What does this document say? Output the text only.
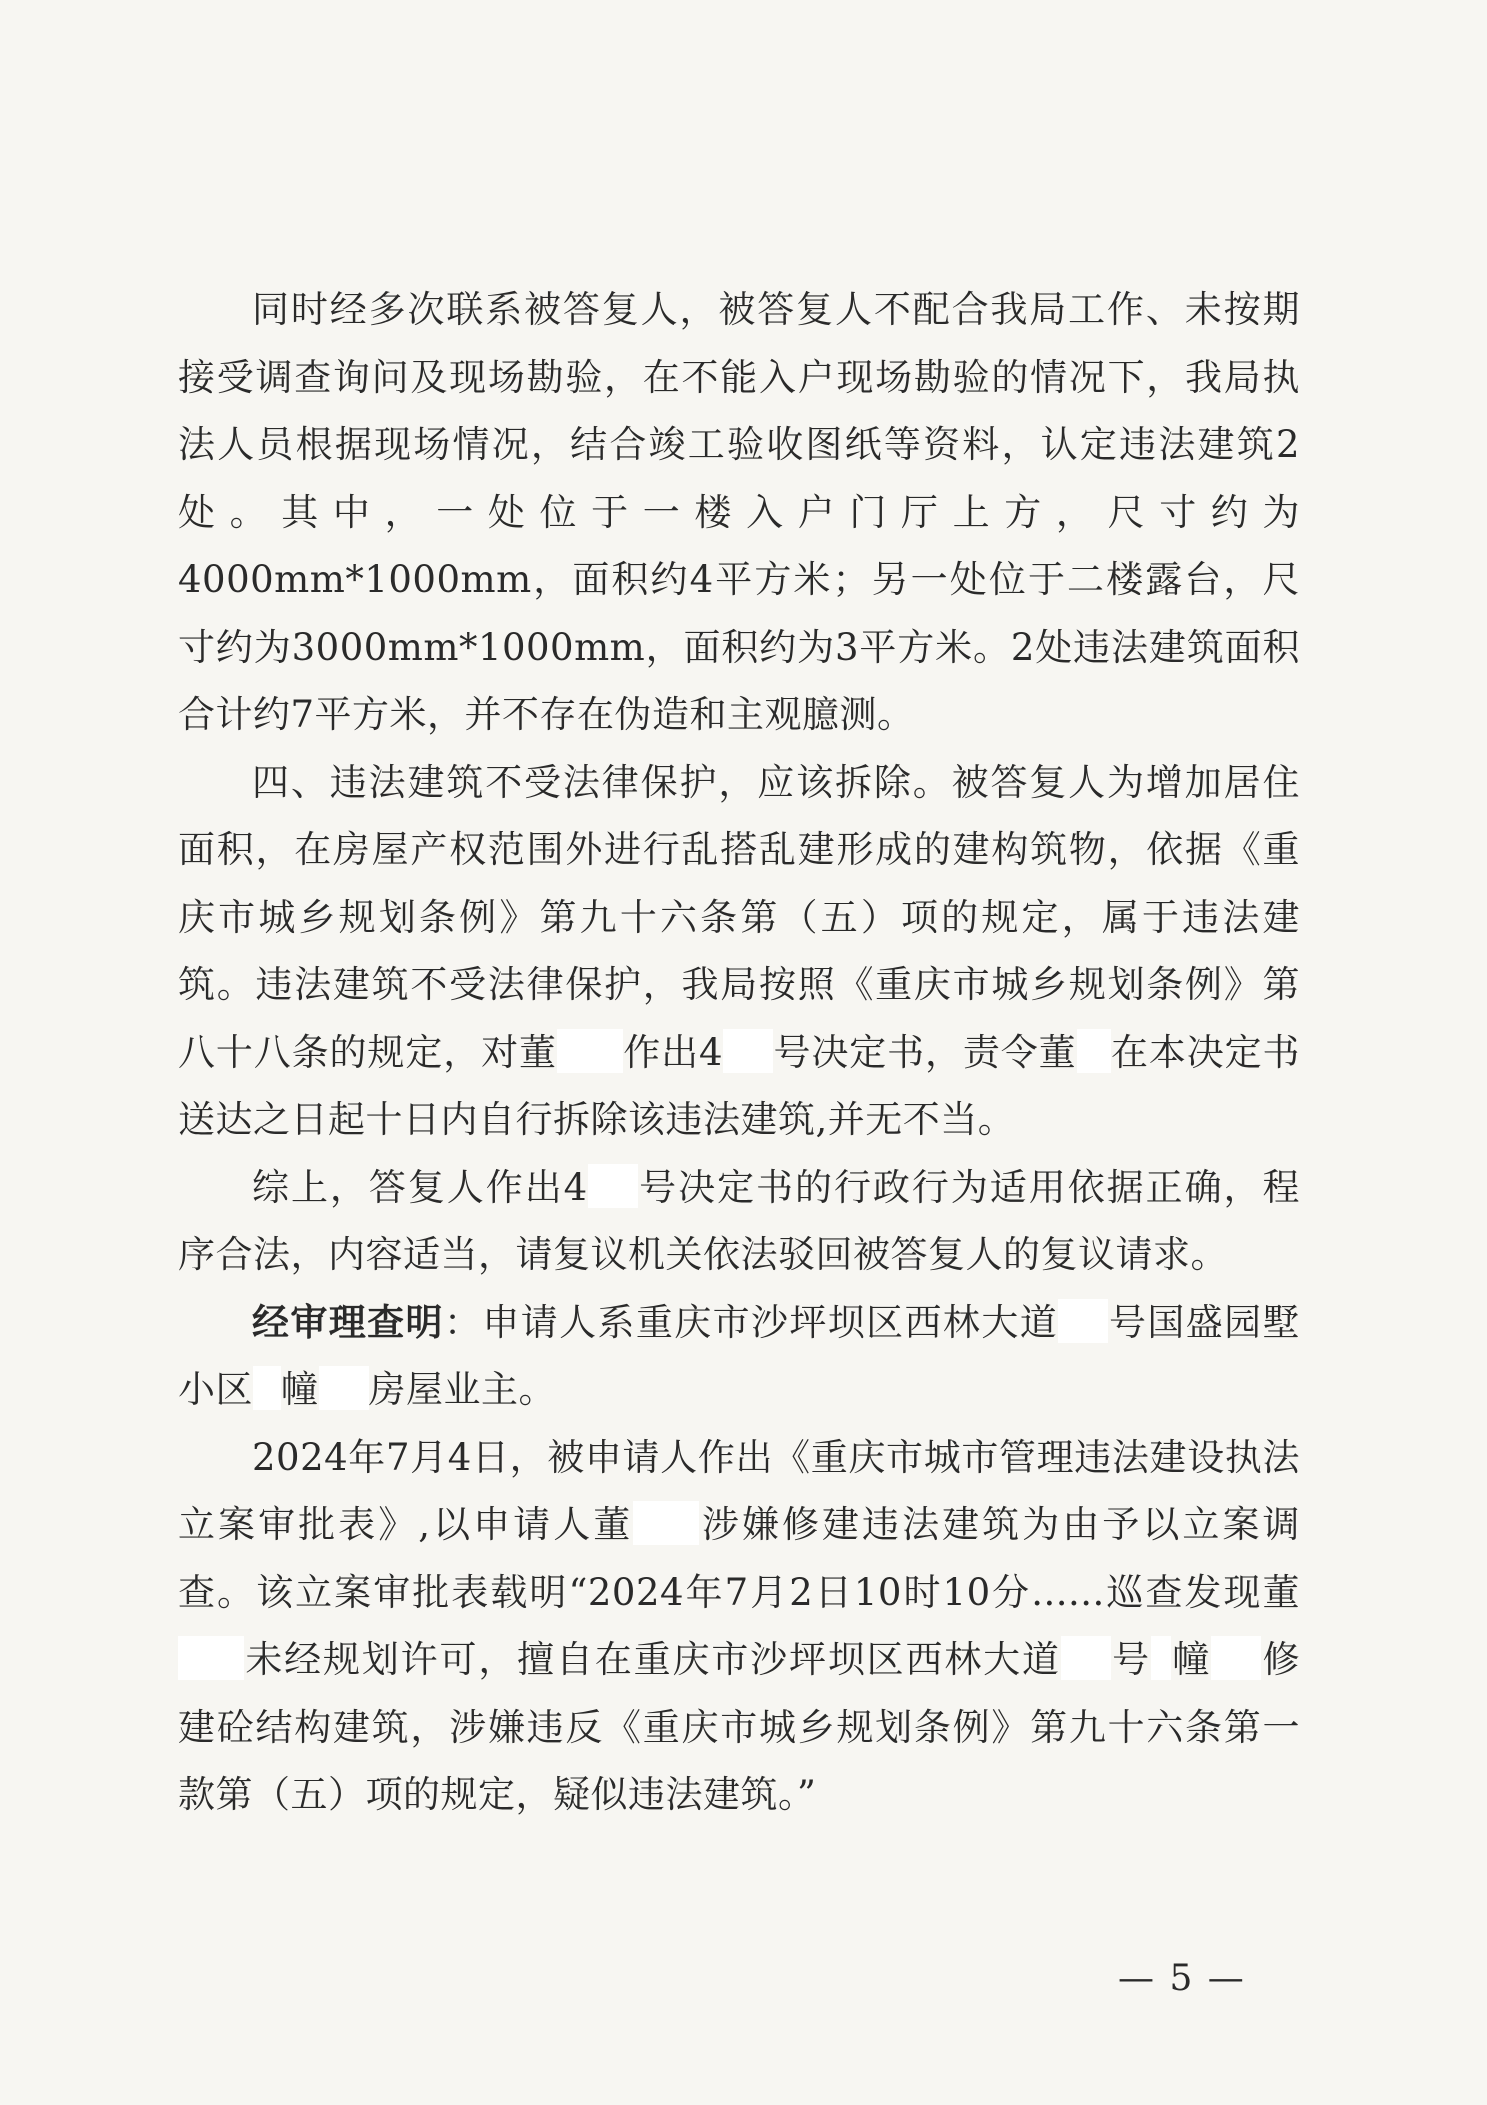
同时经多次联系被答复人，被答复人不配合我局工作、未按期接受调查询问及现场勘验，在不能入户现场勘验的情况下，我局执法人员根据现场情况，结合竣工验收图纸等资料，认定违法建筑2处。其中，一处位于一楼入户门厅上方，尺寸约为4000mm*1000mm，面积约4平方米；另一处位于二楼露台，尺寸约为3000mm*1000mm，面积约为3平方米。2处违法建筑面积合计约7平方米，并不存在伪造和主观臆测。

四、违法建筑不受法律保护，应该拆除。被答复人为增加居住面积，在房屋产权范围外进行乱搭乱建形成的建构筑物，依据《重庆市城乡规划条例》第九十六条第（五）项的规定，属于违法建筑。违法建筑不受法律保护，我局按照《重庆市城乡规划条例》第八十八条的规定，对董 作出4 号决定书，责令董 在本决定书送达之日起十日内自行拆除该违法建筑,并无不当。

综上，答复人作出4 号决定书的行政行为适用依据正确，程序合法，内容适当，请复议机关依法驳回被答复人的复议请求。

经审理查明：申请人系重庆市沙坪坝区西林大道 号国盛园墅小区 幢 房屋业主。

2024年7月4日，被申请人作出《重庆市城市管理违法建设执法立案审批表》,以申请人董 涉嫌修建违法建筑为由予以立案调查。该立案审批表载明“2024年7月2日10时10分......巡查发现董未经规划许可，擅自在重庆市沙坪坝区西林大道 号 幢 修建砼结构建筑，涉嫌违反《重庆市城乡规划条例》第九十六条第一款第（五）项的规定，疑似违法建筑。”

— 5 —
